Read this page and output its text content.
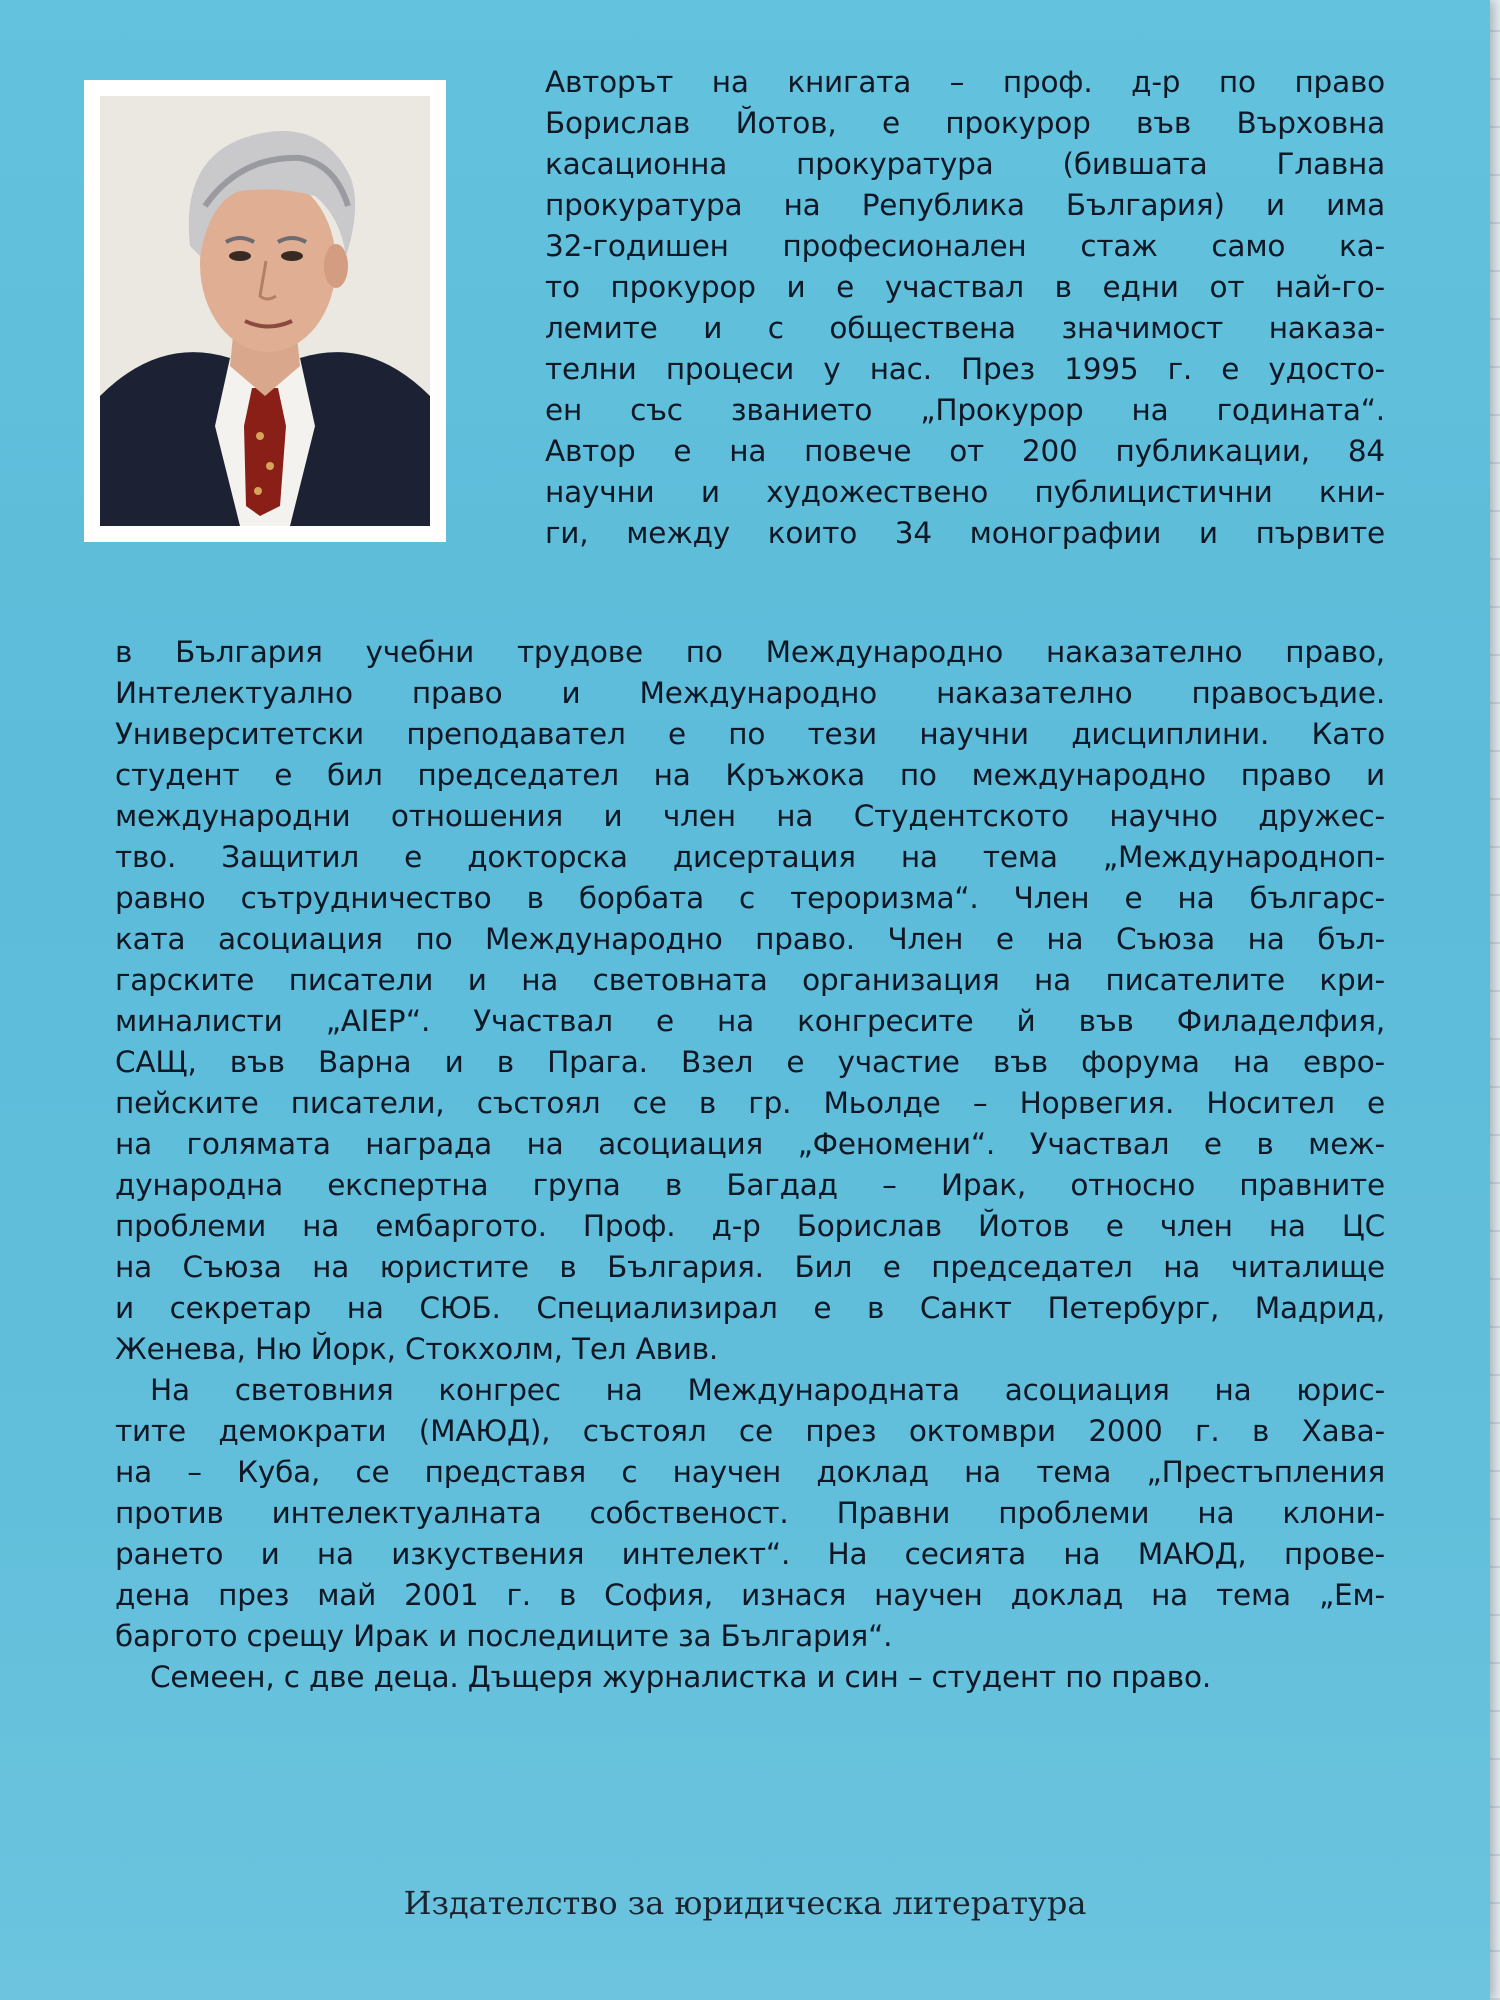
Авторът на книгата – проф. д-р по право
Борислав Йотов, е прокурор във Върховна
касационна прокуратура (бившата Главна
прокуратура на Република България) и има
32-годишен професионален стаж само ка-
то прокурор и е участвал в едни от най-го-
лемите и с обществена значимост наказа-
телни процеси у нас. През 1995 г. е удосто-
ен със званието „Прокурор на годината“.
Автор е на повече от 200 публикации, 84
научни и художествено публицистични кни-
ги, между които 34 монографии и първите
в България учебни трудове по Международно наказателно право,
Интелектуално право и Международно наказателно правосъдие.
Университетски преподавател е по тези научни дисциплини. Като
студент е бил председател на Кръжока по международно право и
международни отношения и член на Студентското научно дружес-
тво. Защитил е докторска дисертация на тема „Международноп-
равно сътрудничество в борбата с тероризма“. Член е на българс-
ката асоциация по Международно право. Член е на Съюза на бъл-
гарските писатели и на световната организация на писателите кри-
миналисти „AIEP“. Участвал е на конгресите й във Филаделфия,
САЩ, във Варна и в Прага. Взел е участие във форума на евро-
пейските писатели, състоял се в гр. Мьолде – Норвегия. Носител е
на голямата награда на асоциация „Феномени“. Участвал е в меж-
дународна експертна група в Багдад – Ирак, относно правните
проблеми на ембаргото. Проф. д-р Борислав Йотов е член на ЦС
на Съюза на юристите в България. Бил е председател на читалище
и секретар на СЮБ. Специализирал е в Санкт Петербург, Мадрид,
Женева, Ню Йорк, Стокхолм, Тел Авив.
На световния конгрес на Международната асоциация на юрис-
тите демократи (МАЮД), състоял се през октомври 2000 г. в Хава-
на – Куба, се представя с научен доклад на тема „Престъпления
против интелектуалната собственост. Правни проблеми на клони-
рането и на изкуствения интелект“. На сесията на МАЮД, прове-
дена през май 2001 г. в София, изнася научен доклад на тема „Ем-
баргото срещу Ирак и последиците за България“.
Семеен, с две деца. Дъщеря журналистка и син – студент по право.
Издателство за юридическа литература
